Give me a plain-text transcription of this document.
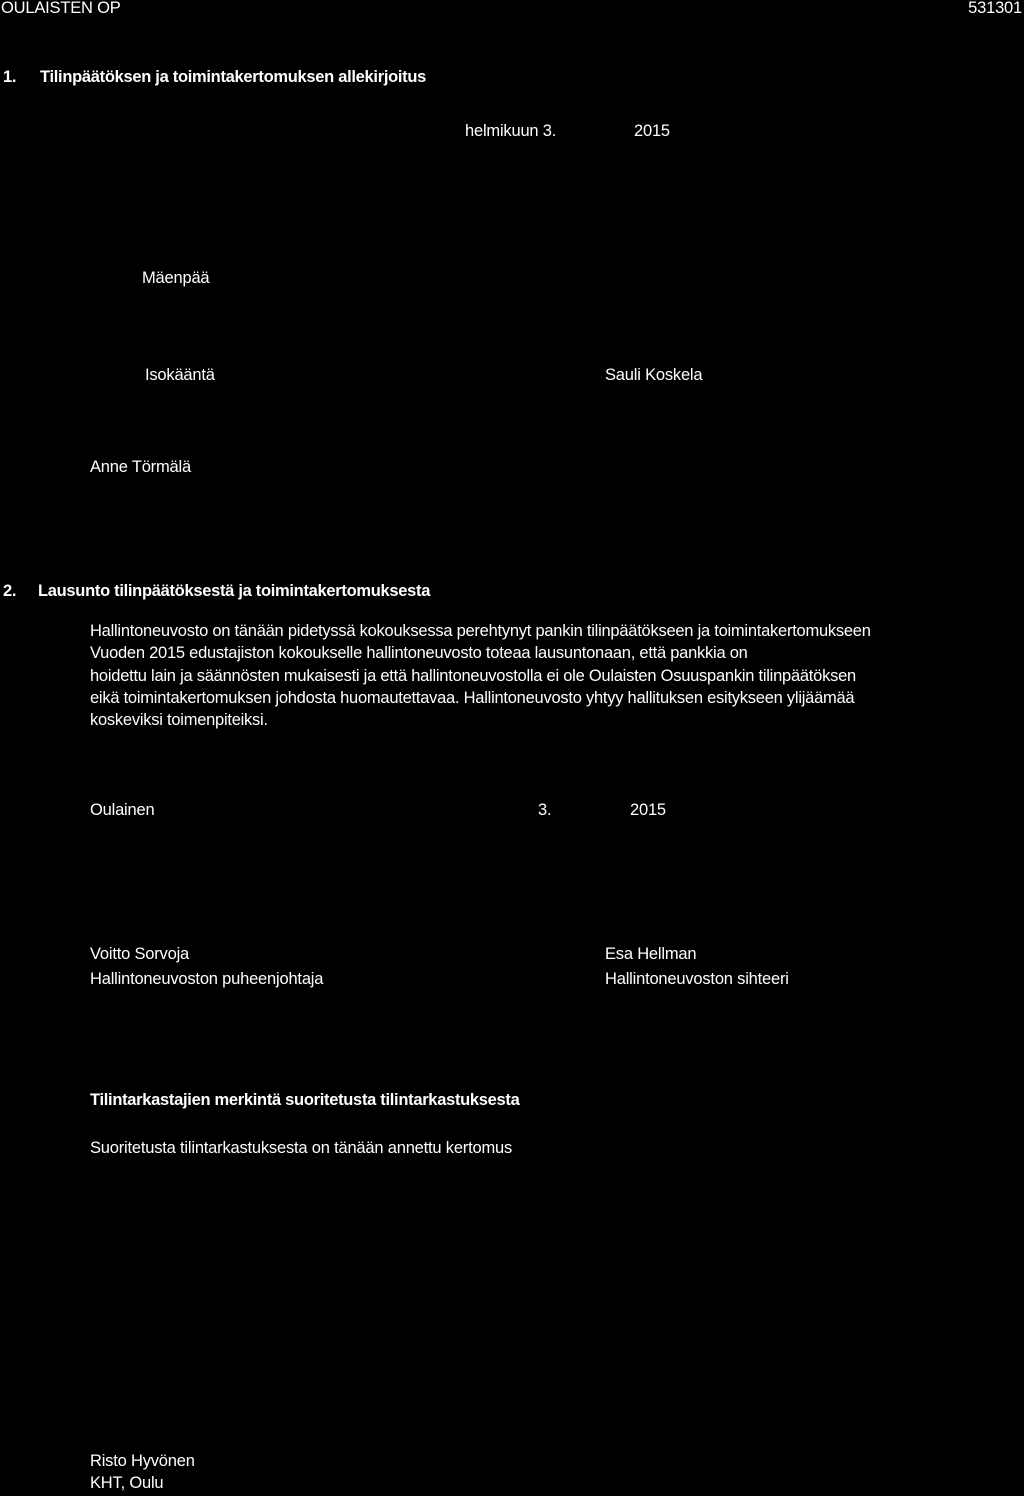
OULAISTEN OP	531301
1. Tilinpäätöksen ja toimintakertomuksen allekirjoitus
helmikuun 3.	2015
Mäenpää
Isokääntä	Sauli Koskela
Anne Törmälä
2. Lausunto tilinpäätöksestä ja toimintakertomuksesta
Hallintoneuvosto on tänään pidetyssä kokouksessa perehtynyt pankin tilinpäätökseen ja toimintakertomukseen
Vuoden 2015 edustajiston kokoukselle hallintoneuvosto toteaa lausuntonaan, että pankkia on
hoidettu lain ja säännösten mukaisesti ja että hallintoneuvostolla ei ole Oulaisten Osuuspankin tilinpäätöksen
eikä toimintakertomuksen johdosta huomautettavaa. Hallintoneuvosto yhtyy hallituksen esitykseen ylijäämää
koskeviksi toimenpiteiksi.
Oulainen	3.	2015
Voitto Sorvoja
Hallintoneuvoston puheenjohtaja
Esa Hellman
Hallintoneuvoston sihteeri
Tilintarkastajien merkintä suoritetusta tilintarkastuksesta
Suoritetusta tilintarkastuksesta on tänään annettu kertomus
Risto Hyvönen
KHT, Oulu
